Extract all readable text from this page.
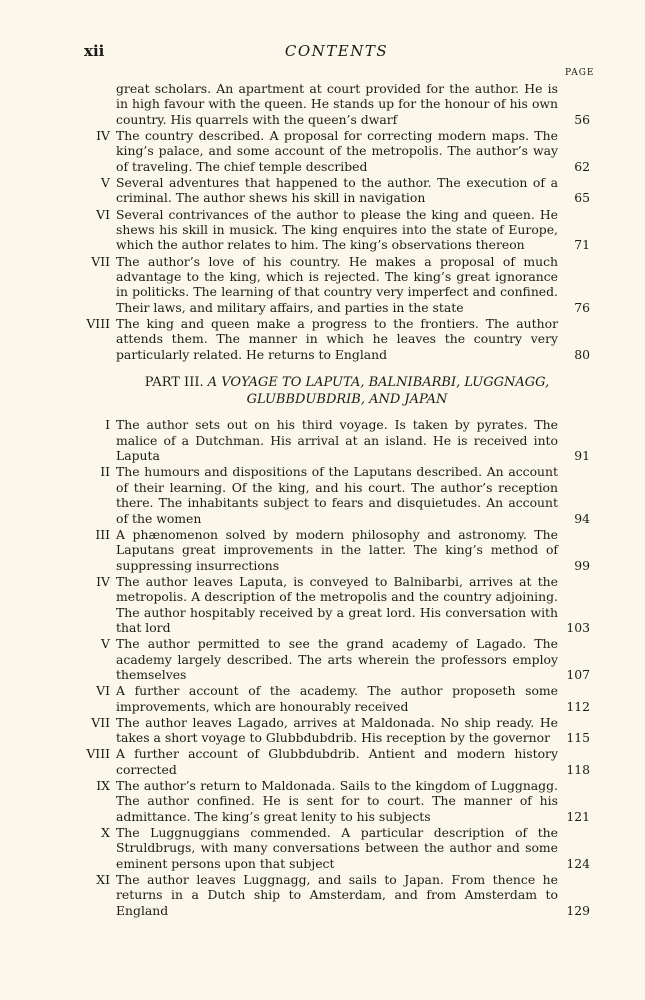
xii	CONTENTS
PAGE
great scholars. An apartment at court provided for the author. He is in high favour with the queen. He stands up for the honour of his own country. His quarrels with the queen’s dwarf	56
IV The country described. A proposal for correcting modern maps. The king’s palace, and some account of the metropolis. The author’s way of traveling. The chief temple described	62
V Several adventures that happened to the author. The execution of a criminal. The author shews his skill in navigation	65
VI Several contrivances of the author to please the king and queen. He shews his skill in musick. The king enquires into the state of Europe, which the author relates to him. The king’s observations thereon	71
VII The author’s love of his country. He makes a proposal of much advantage to the king, which is rejected. The king’s great ignorance in politicks. The learning of that country very imperfect and confined. Their laws, and military affairs, and parties in the state	76
VIII The king and queen make a progress to the frontiers. The author attends them. The manner in which he leaves the country very particularly related. He returns to England	80
PART III. A VOYAGE TO LAPUTA, BALNIBARBI, LUGGNAGG, GLUBBDUBDRIB, AND JAPAN
I The author sets out on his third voyage. Is taken by pyrates. The malice of a Dutchman. His arrival at an island. He is received into Laputa	91
II The humours and dispositions of the Laputans described. An account of their learning. Of the king, and his court. The author’s reception there. The inhabitants subject to fears and disquietudes. An account of the women	94
III A phænomenon solved by modern philosophy and astronomy. The Laputans great improvements in the latter. The king’s method of suppressing insurrections	99
IV The author leaves Laputa, is conveyed to Balnibarbi, arrives at the metropolis. A description of the metropolis and the country adjoining. The author hospitably received by a great lord. His conversation with that lord	103
V The author permitted to see the grand academy of Lagado. The academy largely described. The arts wherein the professors employ themselves	107
VI A further account of the academy. The author proposeth some improvements, which are honourably received	112
VII The author leaves Lagado, arrives at Maldonada. No ship ready. He takes a short voyage to Glubbdubdrib. His reception by the governor	115
VIII A further account of Glubbdubdrib. Antient and modern history corrected	118
IX The author’s return to Maldonada. Sails to the kingdom of Luggnagg. The author confined. He is sent for to court. The manner of his admittance. The king’s great lenity to his subjects	121
X The Luggnuggians commended. A particular description of the Struldbrugs, with many conversations between the author and some eminent persons upon that subject	124
XI The author leaves Luggnagg, and sails to Japan. From thence he returns in a Dutch ship to Amsterdam, and from Amsterdam to England	129
